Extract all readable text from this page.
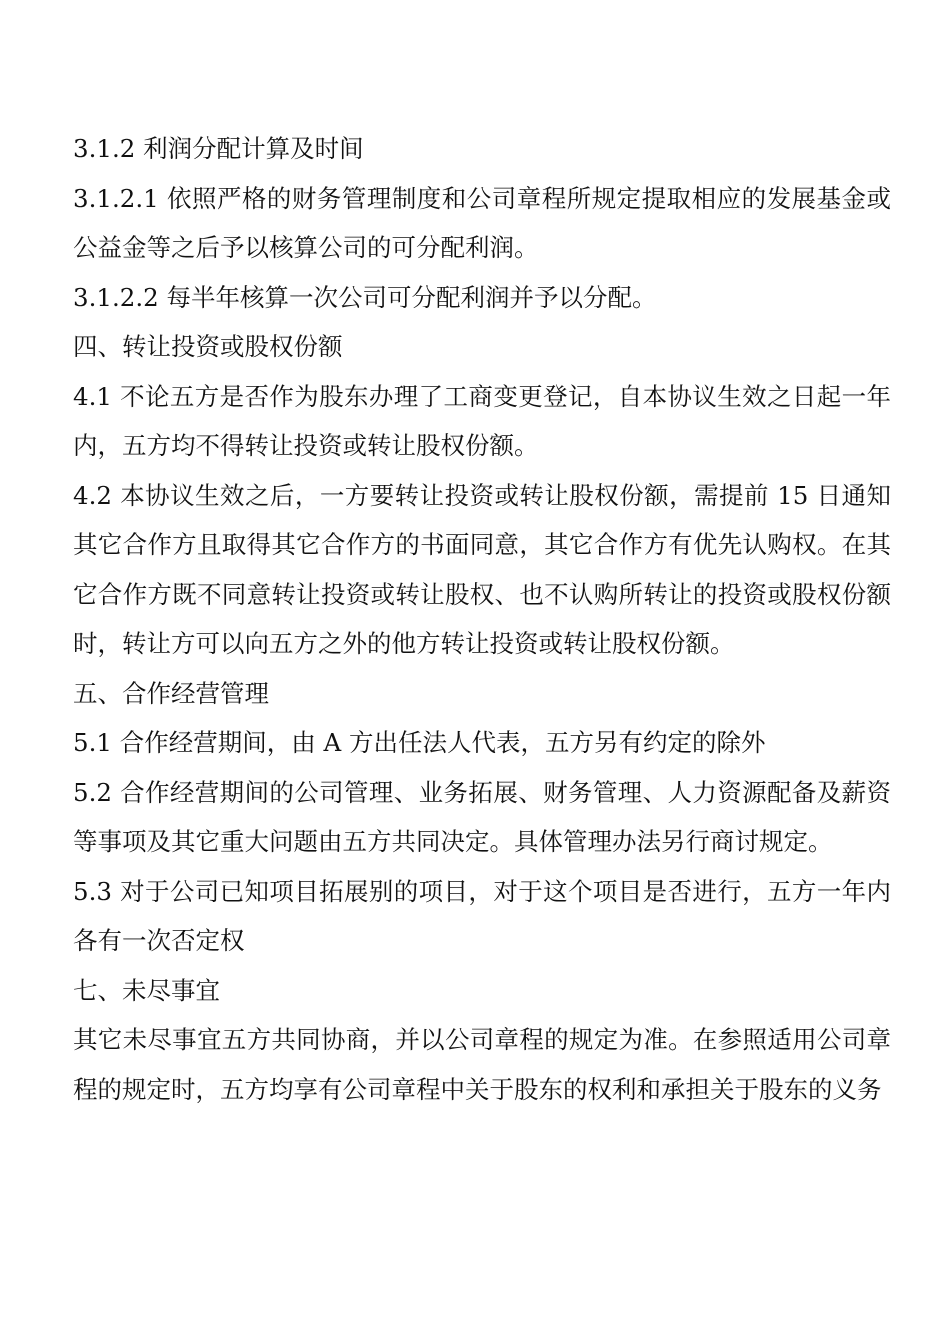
3.1.2 利润分配计算及时间

3.1.2.1 依照严格的财务管理制度和公司章程所规定提取相应的发展基金或公益金等之后予以核算公司的可分配利润。

3.1.2.2 每半年核算一次公司可分配利润并予以分配。

四、转让投资或股权份额

4.1 不论五方是否作为股东办理了工商变更登记，自本协议生效之日起一年内，五方均不得转让投资或转让股权份额。

4.2 本协议生效之后，一方要转让投资或转让股权份额，需提前 15 日通知其它合作方且取得其它合作方的书面同意，其它合作方有优先认购权。在其它合作方既不同意转让投资或转让股权、也不认购所转让的投资或股权份额时，转让方可以向五方之外的他方转让投资或转让股权份额。

五、合作经营管理

5.1 合作经营期间，由 A 方出任法人代表，五方另有约定的除外

5.2 合作经营期间的公司管理、业务拓展、财务管理、人力资源配备及薪资等事项及其它重大问题由五方共同决定。具体管理办法另行商讨规定。

5.3 对于公司已知项目拓展别的项目，对于这个项目是否进行，五方一年内各有一次否定权

七、未尽事宜

其它未尽事宜五方共同协商，并以公司章程的规定为准。在参照适用公司章程的规定时，五方均享有公司章程中关于股东的权利和承担关于股东的义务
